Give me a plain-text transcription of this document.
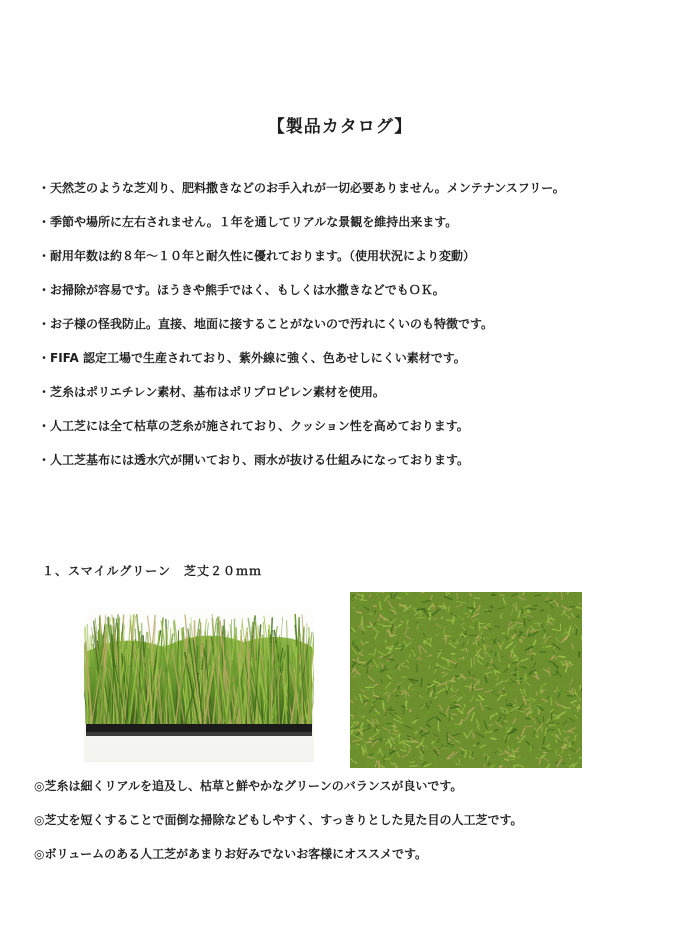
【製品カタログ】
・天然芝のような芝刈り、肥料撒きなどのお手入れが一切必要ありません。メンテナンスフリー。
・季節や場所に左右されません。１年を通してリアルな景観を維持出来ます。
・耐用年数は約８年～１０年と耐久性に優れております。（使用状況により変動）
・お掃除が容易です。ほうきや熊手ではく、もしくは水撒きなどでもＯＫ。
・お子様の怪我防止。直接、地面に接することがないので汚れにくいのも特徴です。
・FIFA 認定工場で生産されており、紫外線に強く、色あせしにくい素材です。
・芝糸はポリエチレン素材、基布はポリプロピレン素材を使用。
・人工芝には全て枯草の芝糸が施されており、クッション性を高めております。
・人工芝基布には透水穴が開いており、雨水が抜ける仕組みになっております。
１、スマイルグリーン　芝丈２０ｍｍ
◎芝糸は細くリアルを追及し、枯草と鮮やかなグリーンのバランスが良いです。
◎芝丈を短くすることで面倒な掃除などもしやすく、すっきりとした見た目の人工芝です。
◎ボリュームのある人工芝があまりお好みでないお客様にオススメです。
